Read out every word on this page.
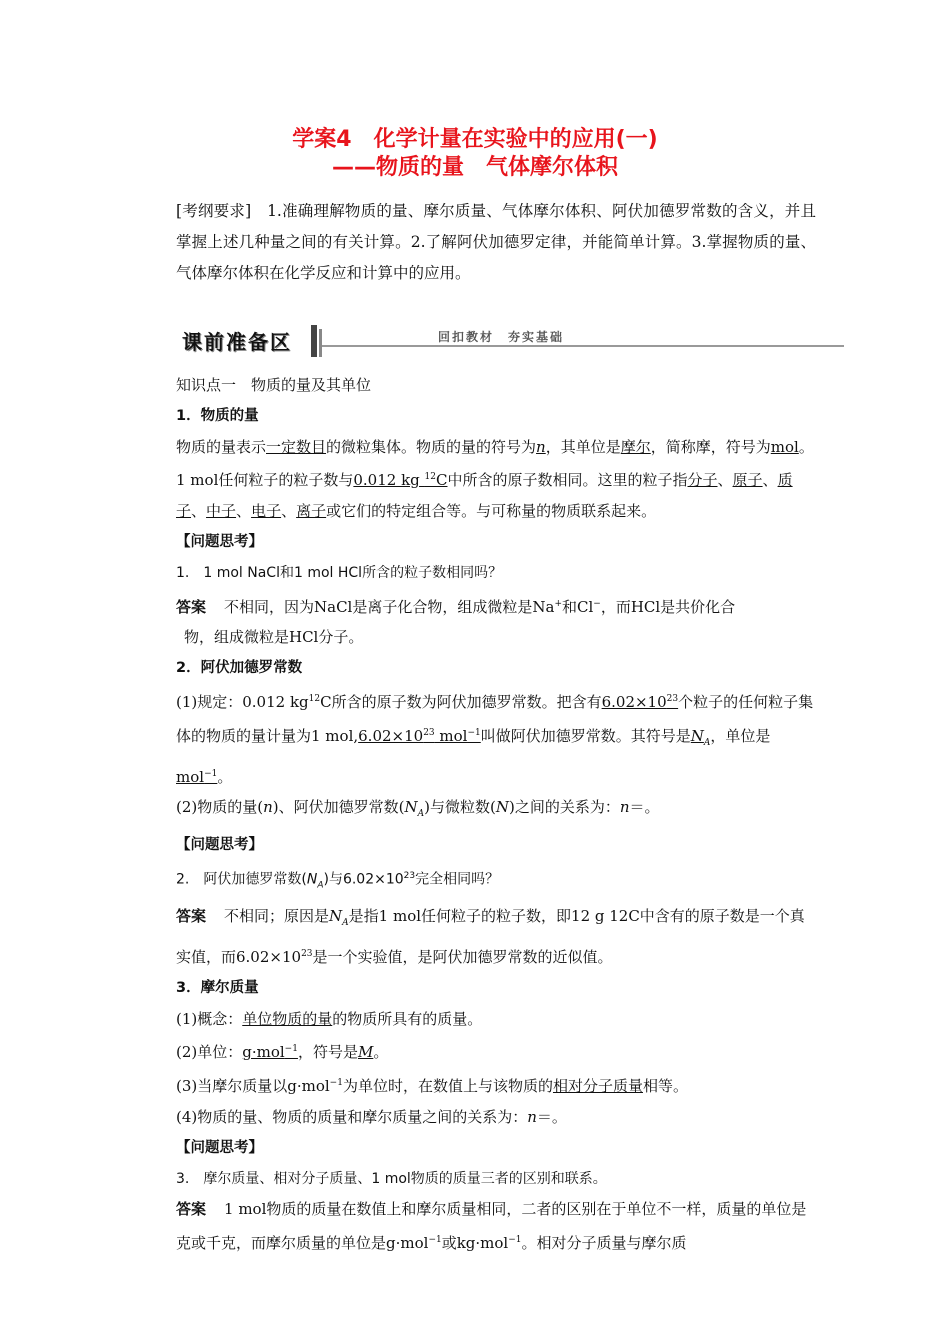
学案4　化学计量在实验中的应用(一)
——物质的量　气体摩尔体积
[考纲要求]　1.准确理解物质的量、摩尔质量、气体摩尔体积、阿伏加德罗常数的含义，并且掌握上述几种量之间的有关计算。2.了解阿伏加德罗定律，并能简单计算。3.掌握物质的量、气体摩尔体积在化学反应和计算中的应用。
课前准备区	回扣教材　夯实基础

知识点一　物质的量及其单位

1．物质的量

物质的量表示一定数目的微粒集体。物质的量的符号为n，其单位是摩尔，简称摩，符号为mol。1 mol任何粒子的粒子数与0.012 kg $^{12}$C中所含的原子数相同。这里的粒子指分子、原子、质子、中子、电子、离子或它们的特定组合等。与可称量的物质联系起来。

【问题思考】

1.　1 mol NaCl和1 mol HCl所含的粒子数相同吗？

答案 不相同，因为NaCl是离子化合物，组成微粒是Na+和Cl−，而HCl是共价化合

物，组成微粒是HCl分子。

2．阿伏加德罗常数

(1)规定：0.012 $kg^{12}C$所含的原子数为阿伏加德罗常数。把含有$6.02\times 10^{23}$个粒子的任何粒子集体的物质的量计量为1 $mol,6.02\times 10^{23}$ mol$^{-1}$叫做阿伏加德罗常数。其符号是$N_A$，单位是mol$^{-1}$。

(2)物质的量(n)、阿伏加德罗常数$(N_A)$与微粒数(N)之间的关系为：n＝。

【问题思考】

2.　阿伏加德罗常数$(N_A)$与$6.02\times 10^{23}$完全相同吗？

答案 不相同；原因是$N_A$是指1 mol任何粒子的粒子数，即12 g 12C中含有的原子数是一个真实值，而$6.02\times 10^{23}$是一个实验值，是阿伏加德罗常数的近似值。

3．摩尔质量

(1)概念：单位物质的量的物质所具有的质量。

(2)单位：g·mol$^{-1}$，符号是M。

(3)当摩尔质量以g·mol$^{-1}$为单位时，在数值上与该物质的相对分子质量相等。

(4)物质的量、物质的质量和摩尔质量之间的关系为：n＝。

【问题思考】

3.　摩尔质量、相对分子质量、1 mol物质的质量三者的区别和联系。

答案 1 mol物质的质量在数值上和摩尔质量相同，二者的区别在于单位不一样，质量的单位是克或千克，而摩尔质量的单位是g·mol$^{-1}$或kg·mol$^{-1}$。相对分子质量与摩尔质
